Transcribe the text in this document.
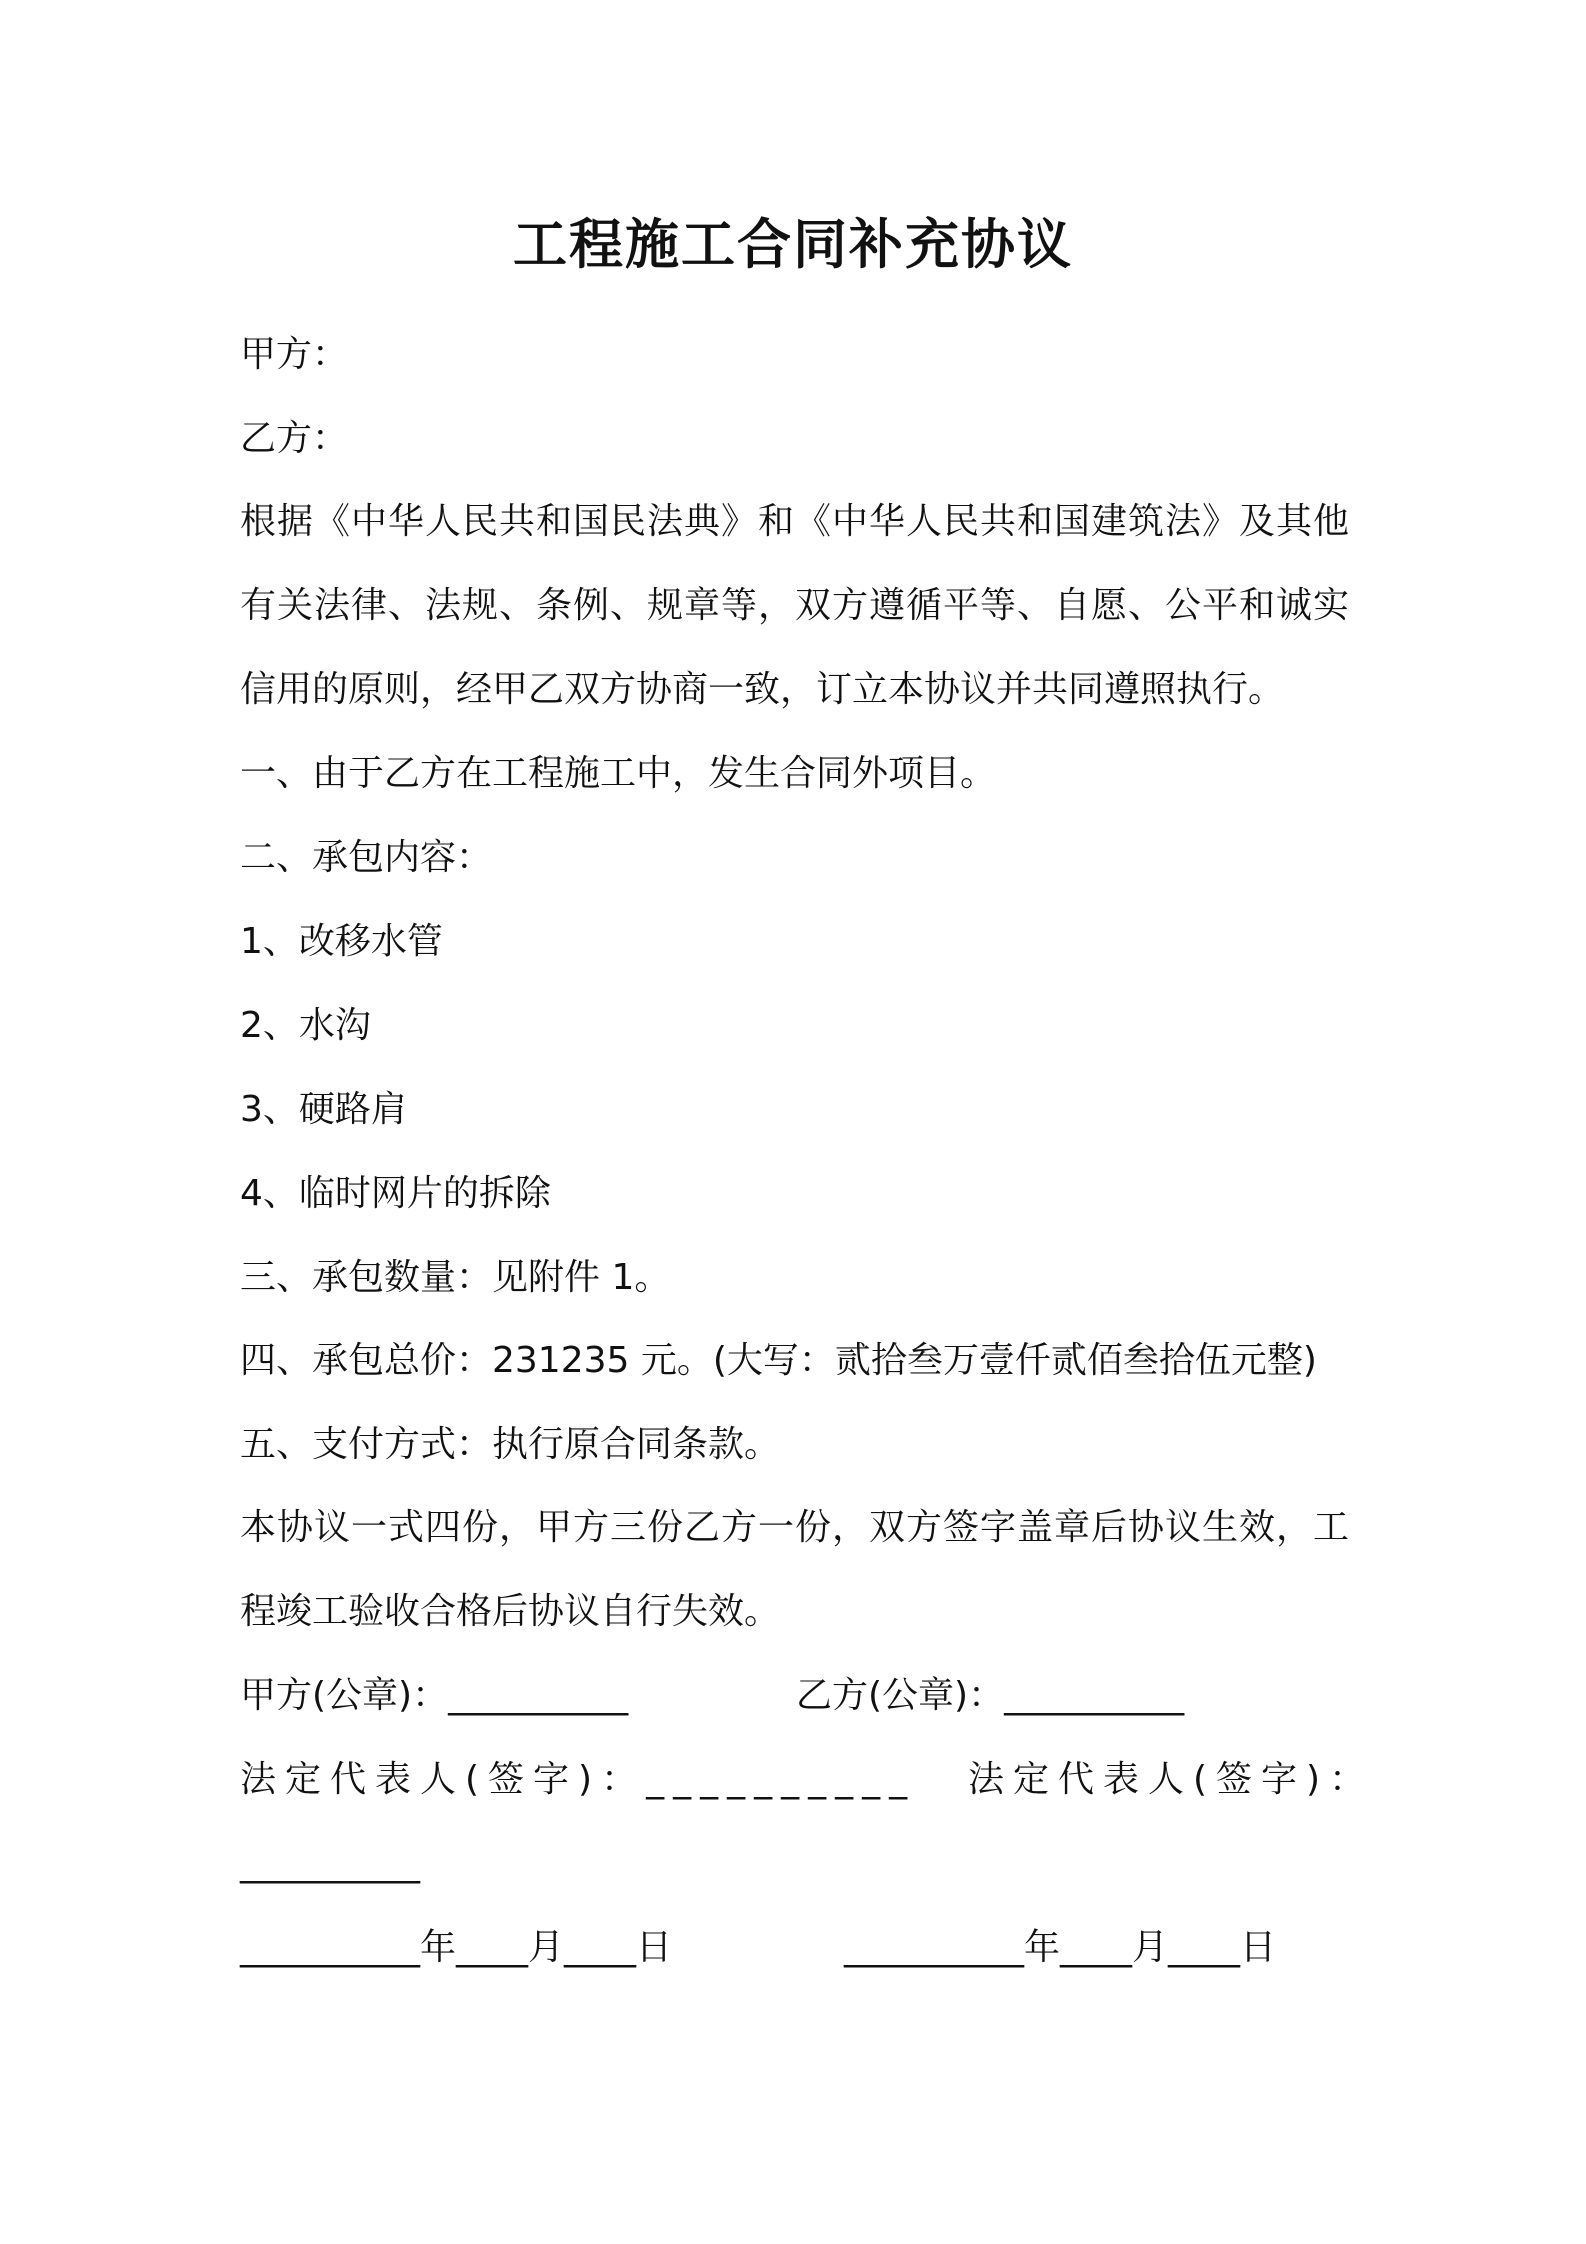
工程施工合同补充协议
甲方：
乙方：
根据《中华人民共和国民法典》和《中华人民共和国建筑法》及其他
有关法律、法规、条例、规章等，双方遵循平等、自愿、公平和诚实
信用的原则，经甲乙双方协商一致，订立本协议并共同遵照执行。
一、由于乙方在工程施工中，发生合同外项目。
二、承包内容：
1、改移水管
2、水沟
3、硬路肩
4、临时网片的拆除
三、承包数量：见附件 1。
四、承包总价：231235 元。(大写：贰拾叁万壹仟贰佰叁拾伍元整)
五、支付方式：执行原合同条款。
本协议一式四份，甲方三份乙方一份，双方签字盖章后协议生效，工
程竣工验收合格后协议自行失效。
甲方(公章)：__________	乙方(公章)：__________
法定代表人(签字)：__________ 法定代表人(签字)：
__________
__________年____月____日	__________年____月____日
